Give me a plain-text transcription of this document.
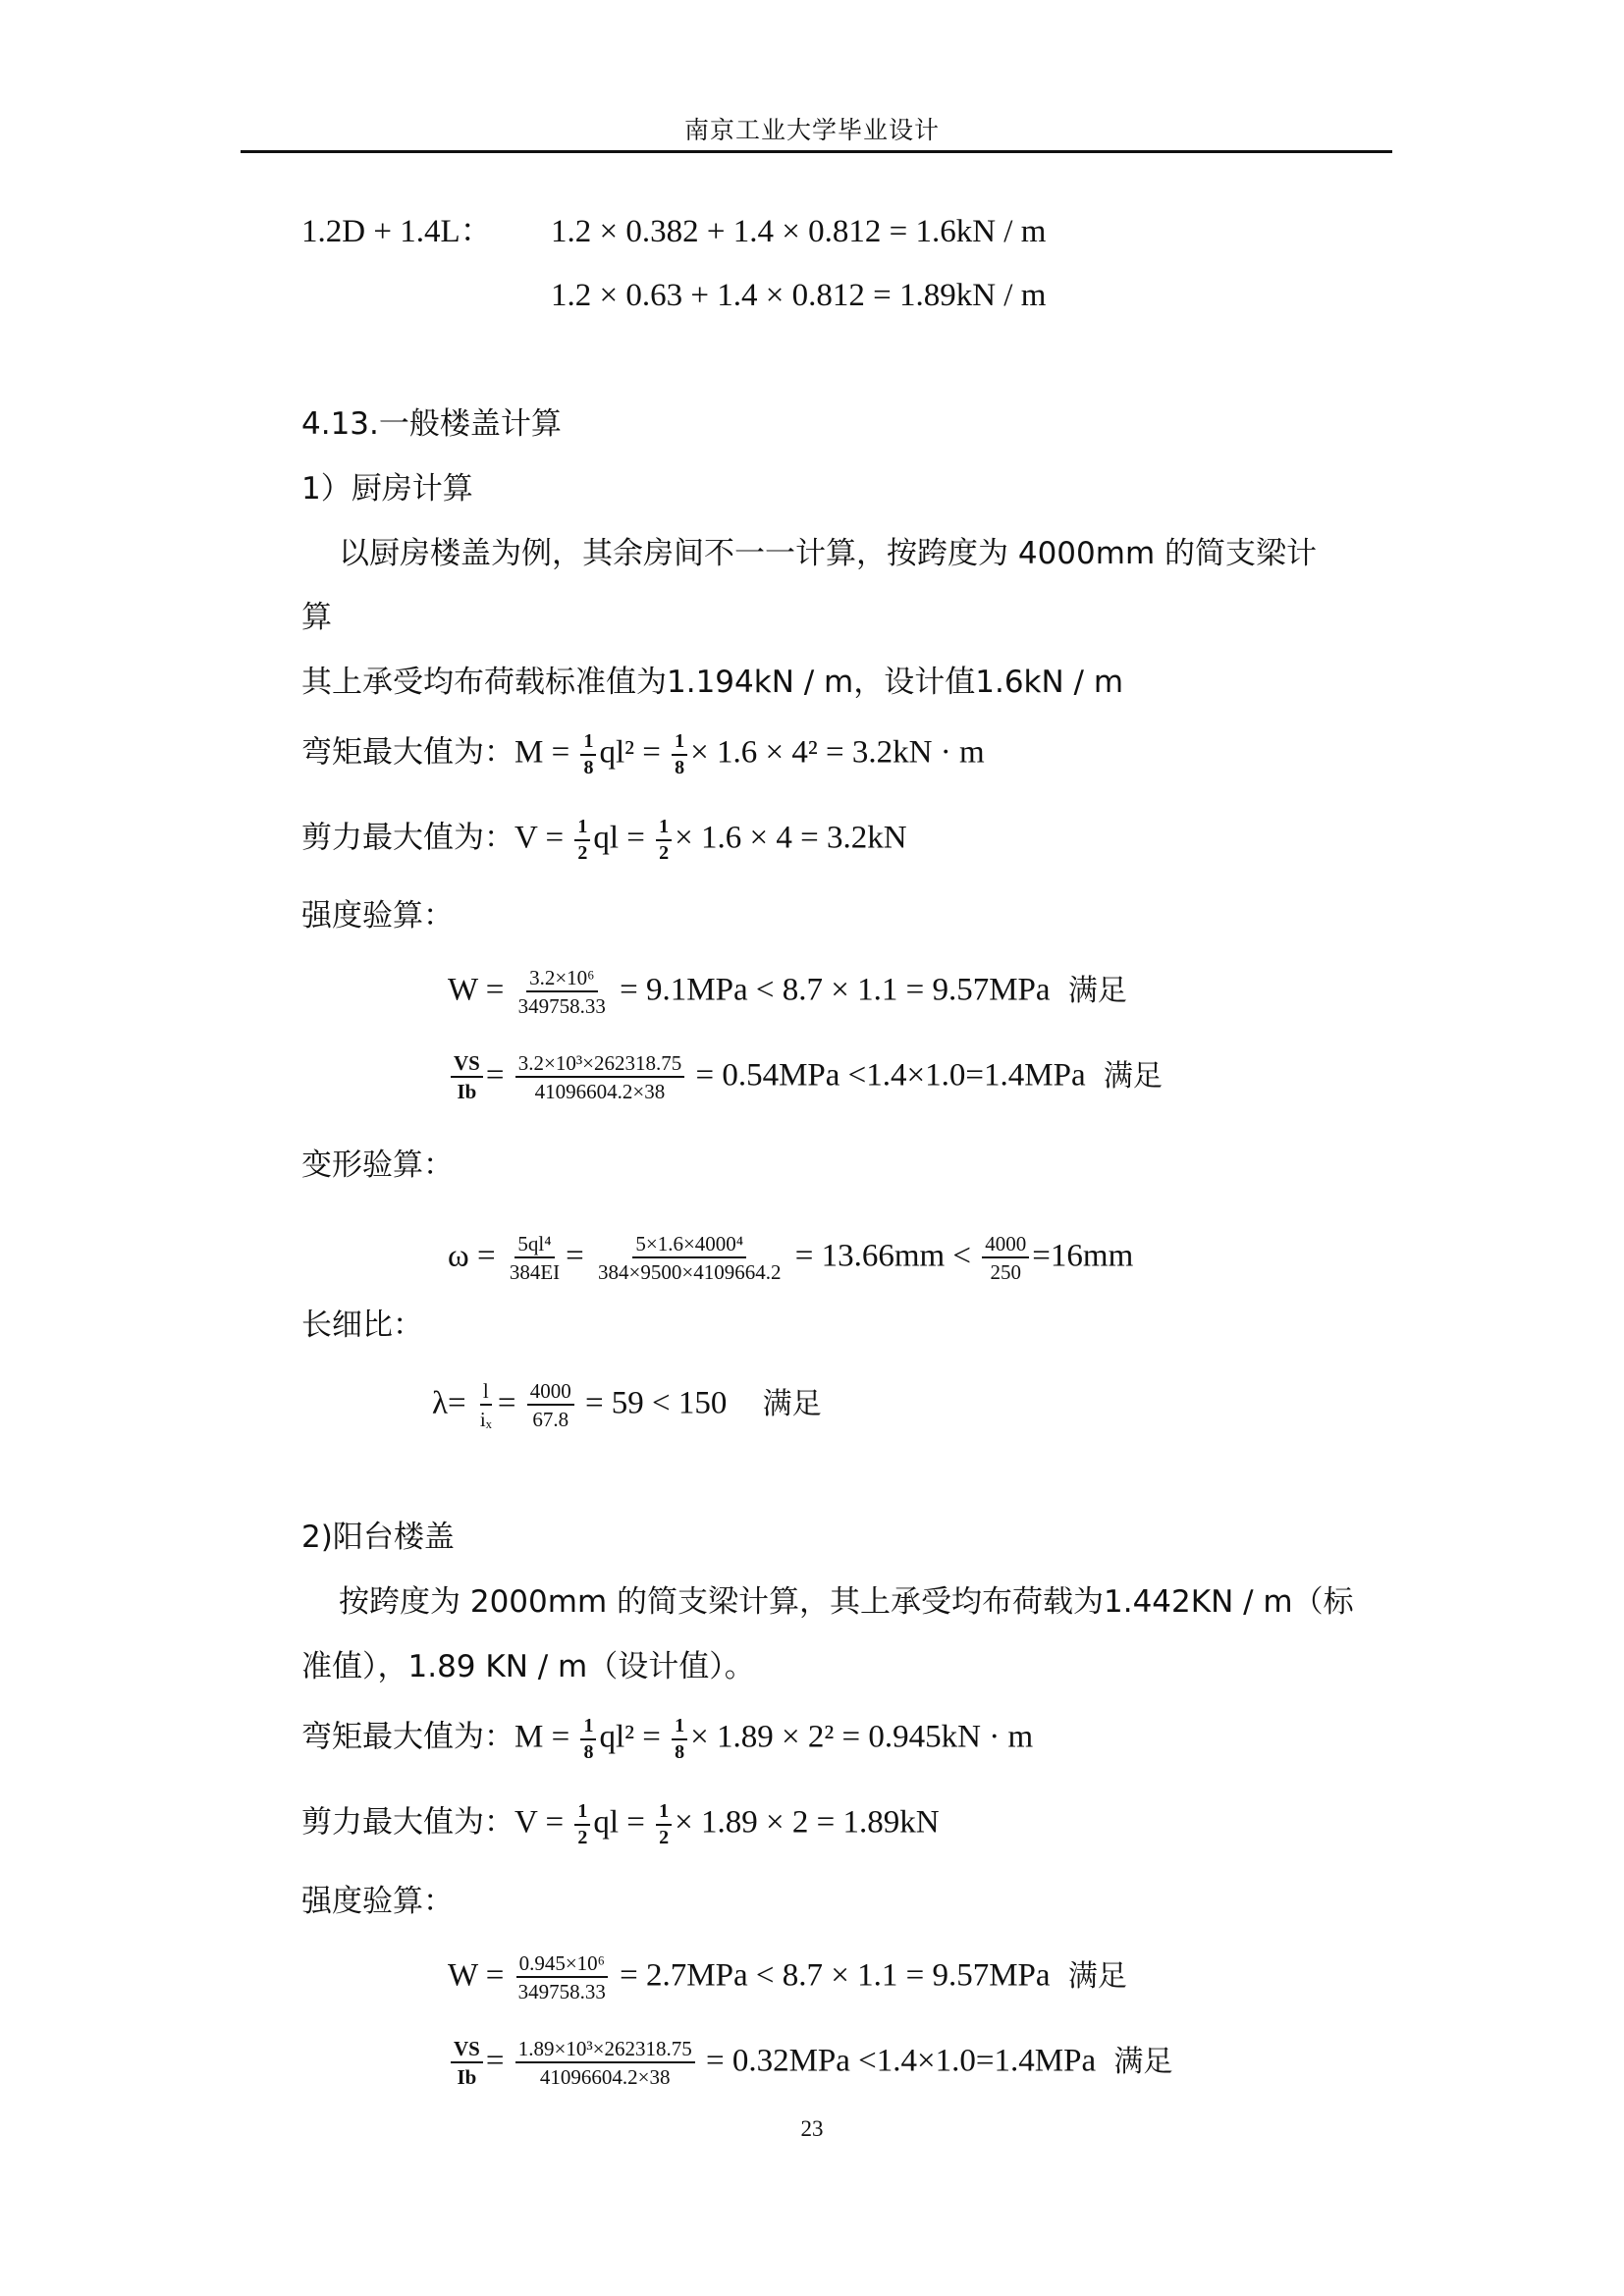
南京工业大学毕业设计
1.2D + 1.4L： 1.2 × 0.382 + 1.4 × 0.812 = 1.6kN / m
1.2 × 0.63 + 1.4 × 0.812 = 1.89kN / m
4.13.一般楼盖计算
1）厨房计算
以厨房楼盖为例，其余房间不一一计算，按跨度为 4000mm 的简支梁计
算
其上承受均布荷载标准值为1.194kN / m，设计值1.6kN / m
弯矩最大值为：$M = \frac{1}{8} ql^2 = \frac{1}{8} \times 1.6 \times 4^2 = 3.2kN \cdot m$
剪力最大值为：$V = \frac{1}{2}$ ql = $\frac{1}{2} \times 1.6 \times 4 = 3.2kN$
强度验算：
$W = \frac{\text{3.2×10⁶}}{349758.33} = 9.1MPa < 8.7 \times 1.1 = 9.57MPa$ 满足
$\frac{VS}{Ib} = \frac{\text{3.2×10³×262318.75}}{41096604.2\times 38} = 0.54MPa <1.4\times 1.0=1.4MPa$ 满足
变形验算：
$\omega = \frac{\text{5ql⁴}}{384EI} = \frac{\text{5×1.6×4000⁴}}{384\times 9500\times 4109664.2} = 13.66mm < \frac{4000}{250} =16mm$
长细比：
$\lambda= \frac{l}{\text{iₓ}} = \frac{4000}{67.8} = 59 < 150$ 满足
2)阳台楼盖
按跨度为 2000mm 的简支梁计算，其上承受均布荷载为1.442KN / m（标
准值），1.89 KN / m（设计值）。
弯矩最大值为：$M = \frac{1}{8} ql^2 = \frac{1}{8} \times 1.89 \times 2^2 = 0.945kN \cdot m$
剪力最大值为：$V = \frac{1}{2}$ ql = $\frac{1}{2} \times 1.89 \times 2 = 1.89kN$
强度验算：
$W = \frac{\text{0.945×10⁶}}{349758.33} = 2.7MPa < 8.7 \times 1.1 = 9.57MPa$ 满足
$\frac{VS}{Ib} = \frac{\text{1.89×10³×262318.75}}{41096604.2\times 38} = 0.32MPa <1.4\times 1.0=1.4MPa$ 满足
23
